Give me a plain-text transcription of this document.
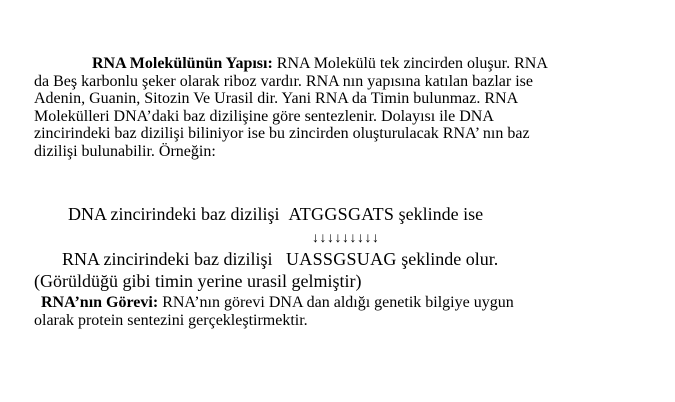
RNA Molekülünün Yapısı: RNA Molekülü tek zincirden oluşur. RNA
da Beş karbonlu şeker olarak riboz vardır. RNA nın yapısına katılan bazlar ise
Adenin, Guanin, Sitozin Ve Urasil dir. Yani RNA da Timin bulunmaz. RNA
Molekülleri DNA’daki baz dizilişine göre sentezlenir. Dolayısı ile DNA
zincirindeki baz dizilişi biliniyor ise bu zincirden oluşturulacak RNA’ nın baz
dizilişi bulunabilir. Örneğin:

DNA zincirindeki baz dizilişi ATGGSGATS şeklinde ise

↓↓↓↓↓↓↓↓↓

RNA zincirindeki baz dizilişi UASSGSUAG şeklinde olur.

(Görüldüğü gibi timin yerine urasil gelmiştir)

RNA’nın Görevi: RNA’nın görevi DNA dan aldığı genetik bilgiye uygun
olarak protein sentezini gerçekleştirmektir.
